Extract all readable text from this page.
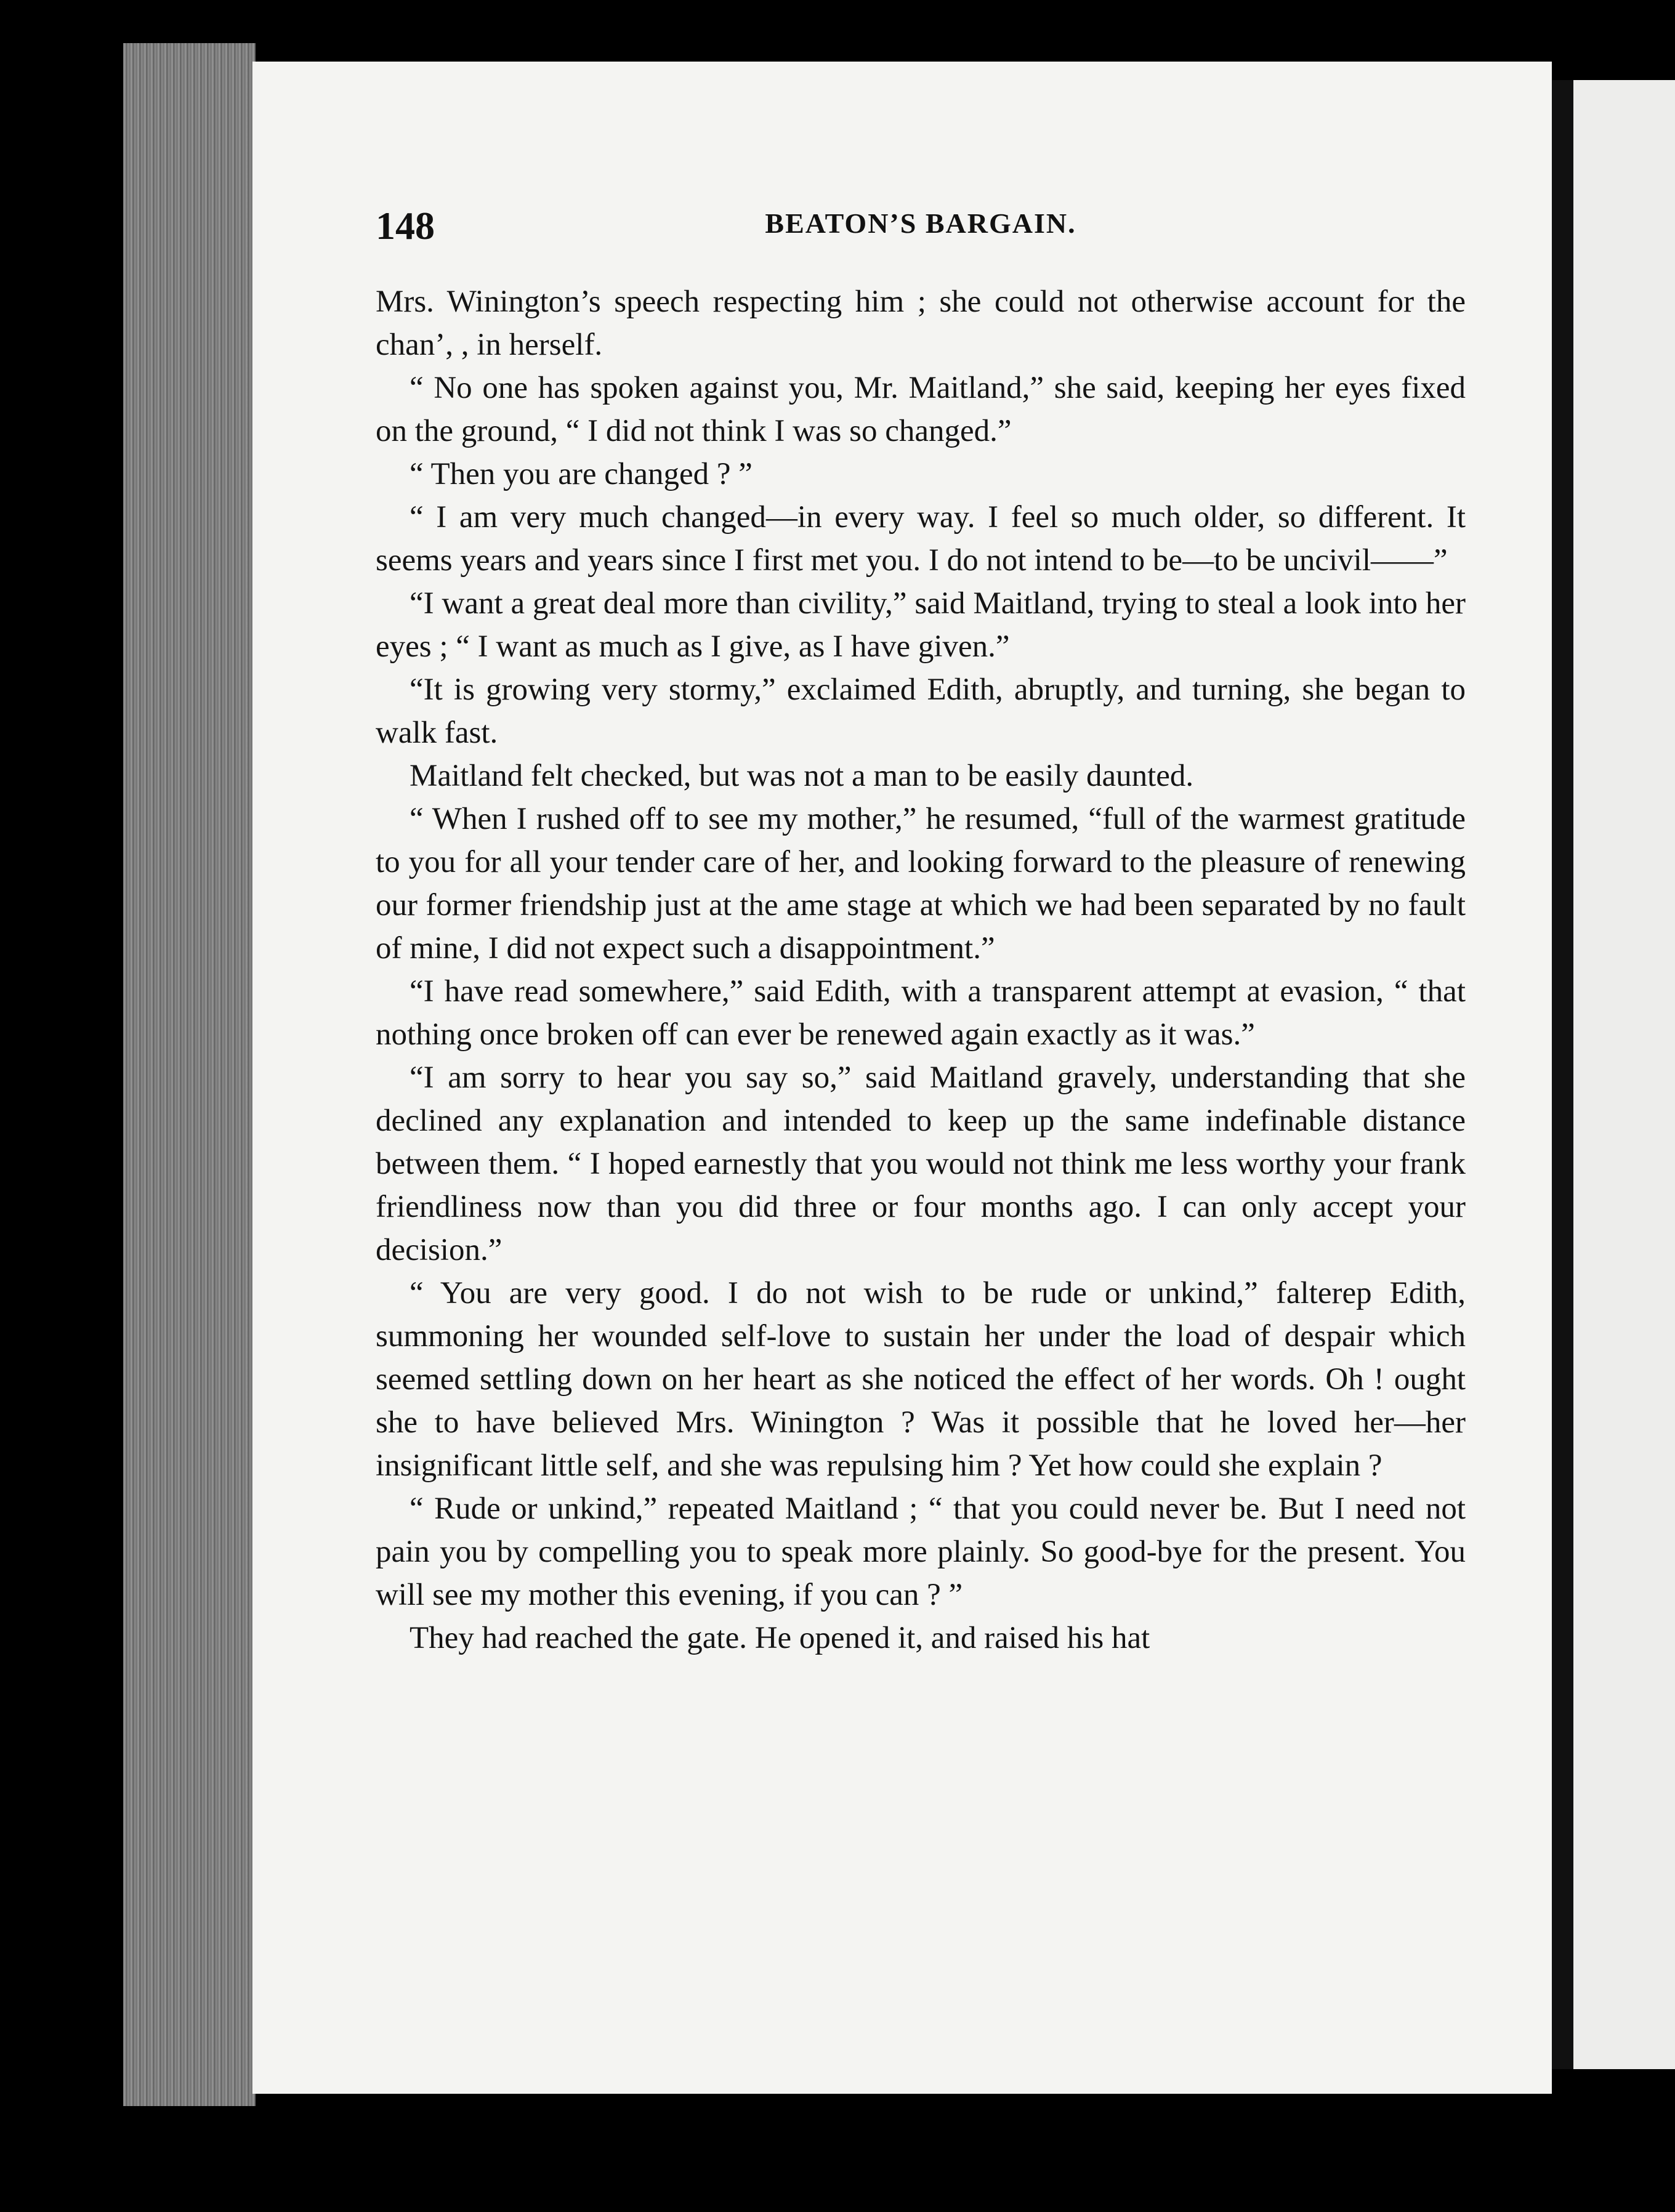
148	BEATON’S BARGAIN.

Mrs. Winington’s speech respecting him ; she could not otherwise account for the chan’, , in herself.

“ No one has spoken against you, Mr. Maitland,” she said, keeping her eyes fixed on the ground, “ I did not think I was so changed.”

“ Then you are changed ? ”

“ I am very much changed—in every way. I feel so much older, so different. It seems years and years since I first met you. I do not intend to be—to be uncivil——”

“I want a great deal more than civility,” said Maitland, trying to steal a look into her eyes ; “ I want as much as I give, as I have given.”

“It is growing very stormy,” exclaimed Edith, abruptly, and turning, she began to walk fast.

Maitland felt checked, but was not a man to be easily daunted.

“ When I rushed off to see my mother,” he resumed, “full of the warmest gratitude to you for all your tender care of her, and looking forward to the pleasure of renewing our former friendship just at the ame stage at which we had been separated by no fault of mine, I did not expect such a disappointment.”

“I have read somewhere,” said Edith, with a transparent attempt at evasion, “ that nothing once broken off can ever be renewed again exactly as it was.”

“I am sorry to hear you say so,” said Maitland gravely, understanding that she declined any explanation and intended to keep up the same indefinable distance between them. “ I hoped earnestly that you would not think me less worthy your frank friendliness now than you did three or four months ago. I can only accept your decision.”

“ You are very good. I do not wish to be rude or unkind,” falterep Edith, summoning her wounded self-love to sustain her under the load of despair which seemed settling down on her heart as she noticed the effect of her words. Oh ! ought she to have believed Mrs. Winington ? Was it possible that he loved her—her insignificant little self, and she was repulsing him ? Yet how could she explain ?

“ Rude or unkind,” repeated Maitland ; “ that you could never be. But I need not pain you by compelling you to speak more plainly. So good-bye for the present. You will see my mother this evening, if you can ? ”

They had reached the gate. He opened it, and raised his hat
